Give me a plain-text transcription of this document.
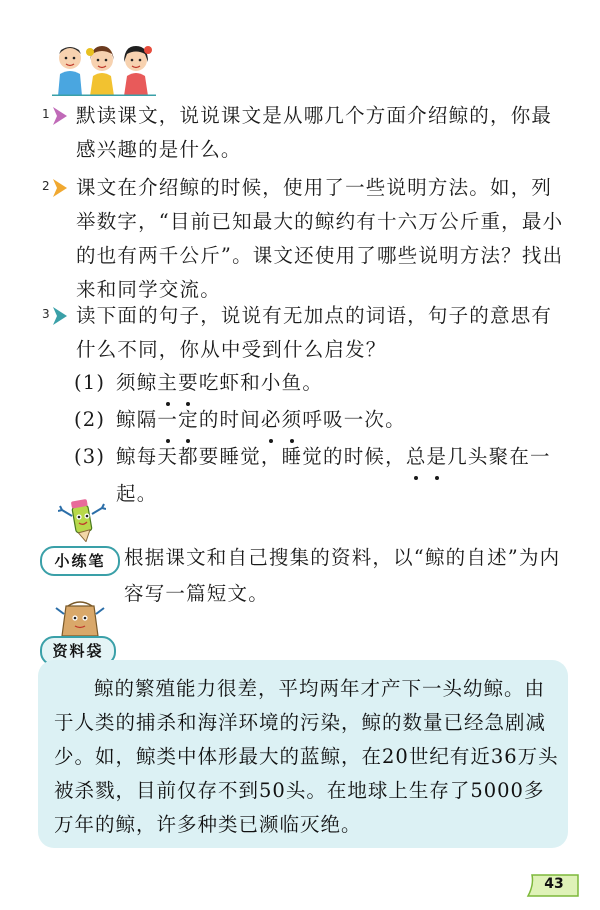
1 默读课文，说说课文是从哪几个方面介绍鲸的，你最感兴趣的是什么。
2 课文在介绍鲸的时候，使用了一些说明方法。如，列举数字，“目前已知最大的鲸约有十六万公斤重，最小的也有两千公斤”。课文还使用了哪些说明方法？找出来和同学交流。
3 读下面的句子，说说有无加点的词语，句子的意思有什么不同，你从中受到什么启发？
(1) 须鲸主要吃虾和小鱼。
(2) 鲸隔一定的时间必须呼吸一次。
(3) 鲸每天都要睡觉，睡觉的时候，总是几头聚在一起。
小练笔 根据课文和自己搜集的资料，以“鲸的自述”为内容写一篇短文。
资料袋

鲸的繁殖能力很差，平均两年才产下一头幼鲸。由于人类的捕杀和海洋环境的污染，鲸的数量已经急剧减少。如，鲸类中体形最大的蓝鲸，在20世纪有近36万头被杀戮，目前仅存不到50头。在地球上生存了5000多万年的鲸，许多种类已濒临灭绝。

43
